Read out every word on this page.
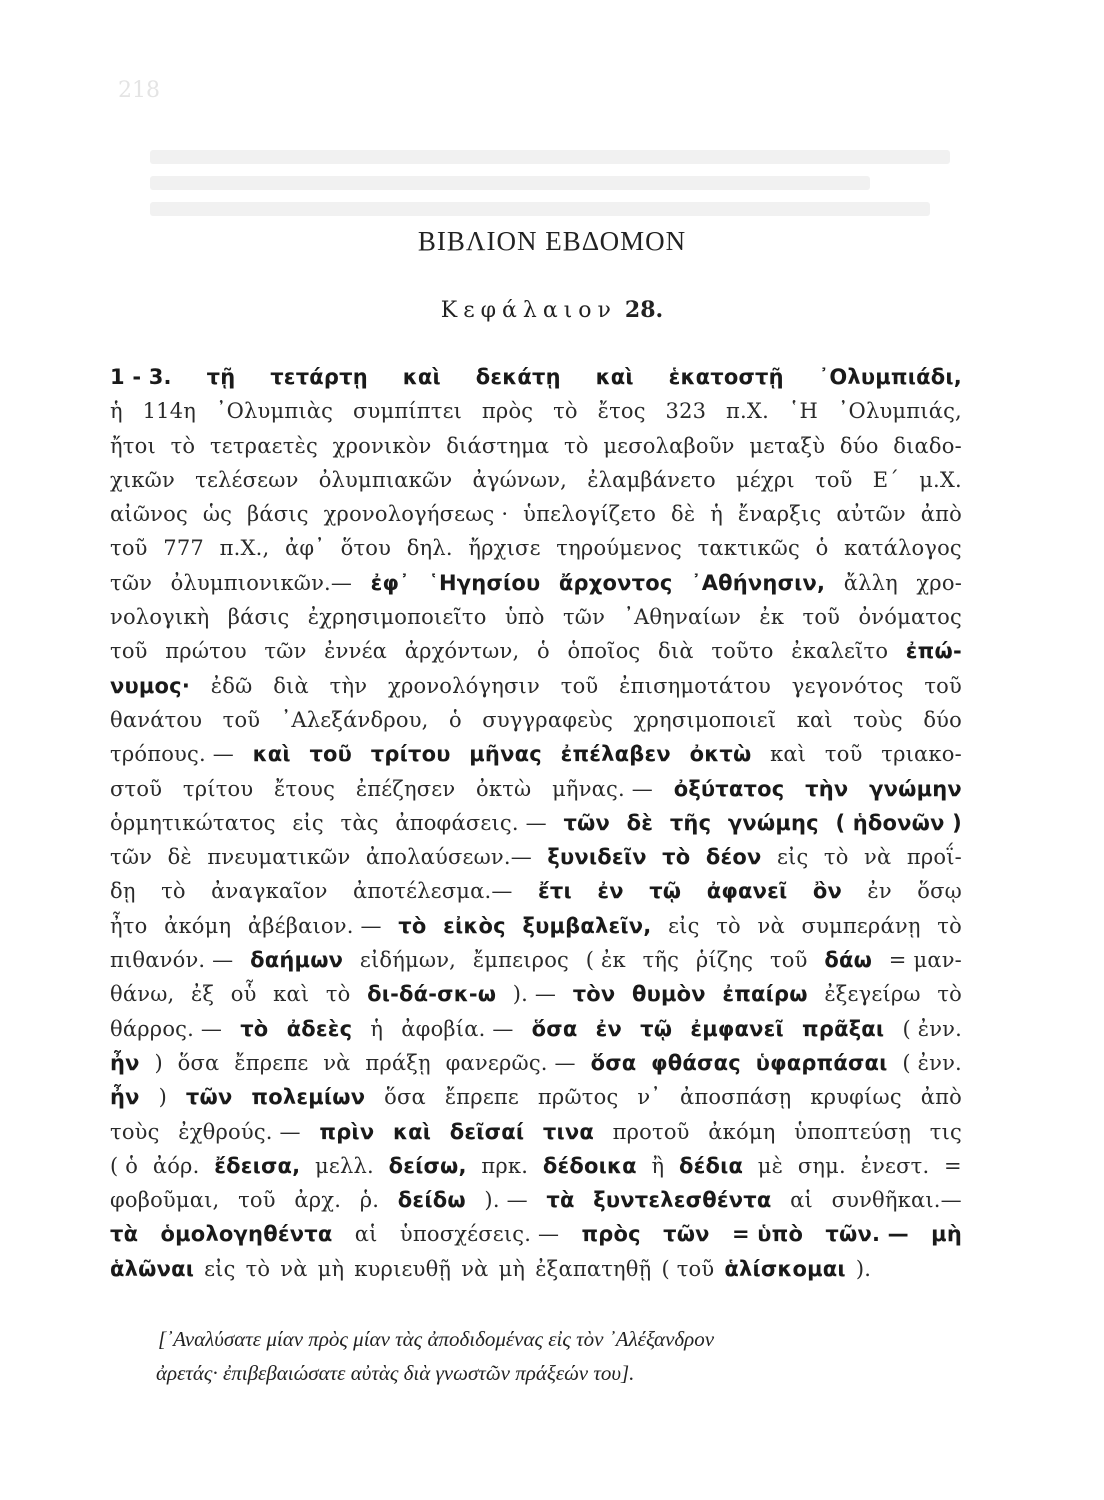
218
ΒΙΒΛΙΟΝ ΕΒΔΟΜΟΝ
Κεφάλαιον 28.
1 - 3. τῇ τετάρτῃ καὶ δεκάτῃ καὶ ἑκατοστῇ ᾿Ολυμπιάδι,
ἡ 114η ᾿Ολυμπιὰς συμπίπτει πρὸς τὸ ἔτος 323 π.Χ. ῾Η ᾿Ολυμπιάς,
ἤτοι τὸ τετραετὲς χρονικὸν διάστημα τὸ μεσολαβοῦν μεταξὺ δύο διαδο-
χικῶν τελέσεων ὀλυμπιακῶν ἀγώνων, ἐλαμβάνετο μέχρι τοῦ Ε΄ μ.Χ.
αἰῶνος ὡς βάσις χρονολογήσεως · ὑπελογίζετο δὲ ἡ ἔναρξις αὐτῶν ἀπὸ
τοῦ 777 π.Χ., ἀφ᾿ ὅτου δηλ. ἤρχισε τηρούμενος τακτικῶς ὁ κατάλογος
τῶν ὀλυμπιονικῶν.— ἐφ᾿ ῾Ηγησίου ἄρχοντος ᾿Αθήνησιν, ἄλλη χρο-
νολογικὴ βάσις ἐχρησιμοποιεῖτο ὑπὸ τῶν ᾿Αθηναίων ἐκ τοῦ ὀνόματος
τοῦ πρώτου τῶν ἐννέα ἀρχόντων, ὁ ὁποῖος διὰ τοῦτο ἐκαλεῖτο ἐπώ-
νυμος· ἐδῶ διὰ τὴν χρονολόγησιν τοῦ ἐπισημοτάτου γεγονότος τοῦ
θανάτου τοῦ ᾿Αλεξάνδρου, ὁ συγγραφεὺς χρησιμοποιεῖ καὶ τοὺς δύο
τρόπους. — καὶ τοῦ τρίτου μῆνας ἐπέλαβεν ὀκτὼ καὶ τοῦ τριακο-
στοῦ τρίτου ἔτους ἐπέζησεν ὀκτὼ μῆνας. — ὀξύτατος τὴν γνώμην
ὁρμητικώτατος εἰς τὰς ἀποφάσεις. — τῶν δὲ τῆς γνώμης ( ἡδονῶν )
τῶν δὲ πνευματικῶν ἀπολαύσεων.— ξυνιδεῖν τὸ δέον εἰς τὸ νὰ προΐ-
δῃ τὸ ἀναγκαῖον ἀποτέλεσμα.— ἔτι ἐν τῷ ἀφανεῖ ὂν ἐν ὅσῳ
ἦτο ἀκόμη ἀβέβαιον. — τὸ εἰκὸς ξυμβαλεῖν, εἰς τὸ νὰ συμπεράνῃ τὸ
πιθανόν. — δαήμων εἰδήμων, ἔμπειρος ( ἐκ τῆς ῥίζης τοῦ δάω = μαν-
θάνω, ἐξ οὗ καὶ τὸ δι-δά-σκ-ω ). — τὸν θυμὸν ἐπαίρω ἐξεγείρω τὸ
θάρρος. — τὸ ἀδεὲς ἡ ἀφοβία. — ὅσα ἐν τῷ ἐμφανεῖ πρᾶξαι ( ἐνν.
ἦν ) ὅσα ἔπρεπε νὰ πράξῃ φανερῶς. — ὅσα φθάσας ὑφαρπάσαι ( ἐνν.
ἦν ) τῶν πολεμίων ὅσα ἔπρεπε πρῶτος ν᾿ ἀποσπάσῃ κρυφίως ἀπὸ
τοὺς ἐχθρούς. — πρὶν καὶ δεῖσαί τινα προτοῦ ἀκόμη ὑποπτεύσῃ τις
( ὁ ἀόρ. ἔδεισα, μελλ. δείσω, πρκ. δέδοικα ἢ δέδια μὲ σημ. ἐνεστ. =
φοβοῦμαι, τοῦ ἀρχ. ῥ. δείδω ). — τὰ ξυντελεσθέντα αἱ συνθῆκαι.—
τὰ ὁμολογηθέντα αἱ ὑποσχέσεις. — πρὸς τῶν = ὑπὸ τῶν. — μὴ
ἁλῶναι εἰς τὸ νὰ μὴ κυριευθῇ νὰ μὴ ἐξαπατηθῇ ( τοῦ ἁλίσκομαι ).
[᾿Αναλύσατε μίαν πρὸς μίαν τὰς ἀποδιδομένας εἰς τὸν ᾿Αλέξανδρον
ἀρετάς· ἐπιβεβαιώσατε αὐτὰς διὰ γνωστῶν πράξεών του].
